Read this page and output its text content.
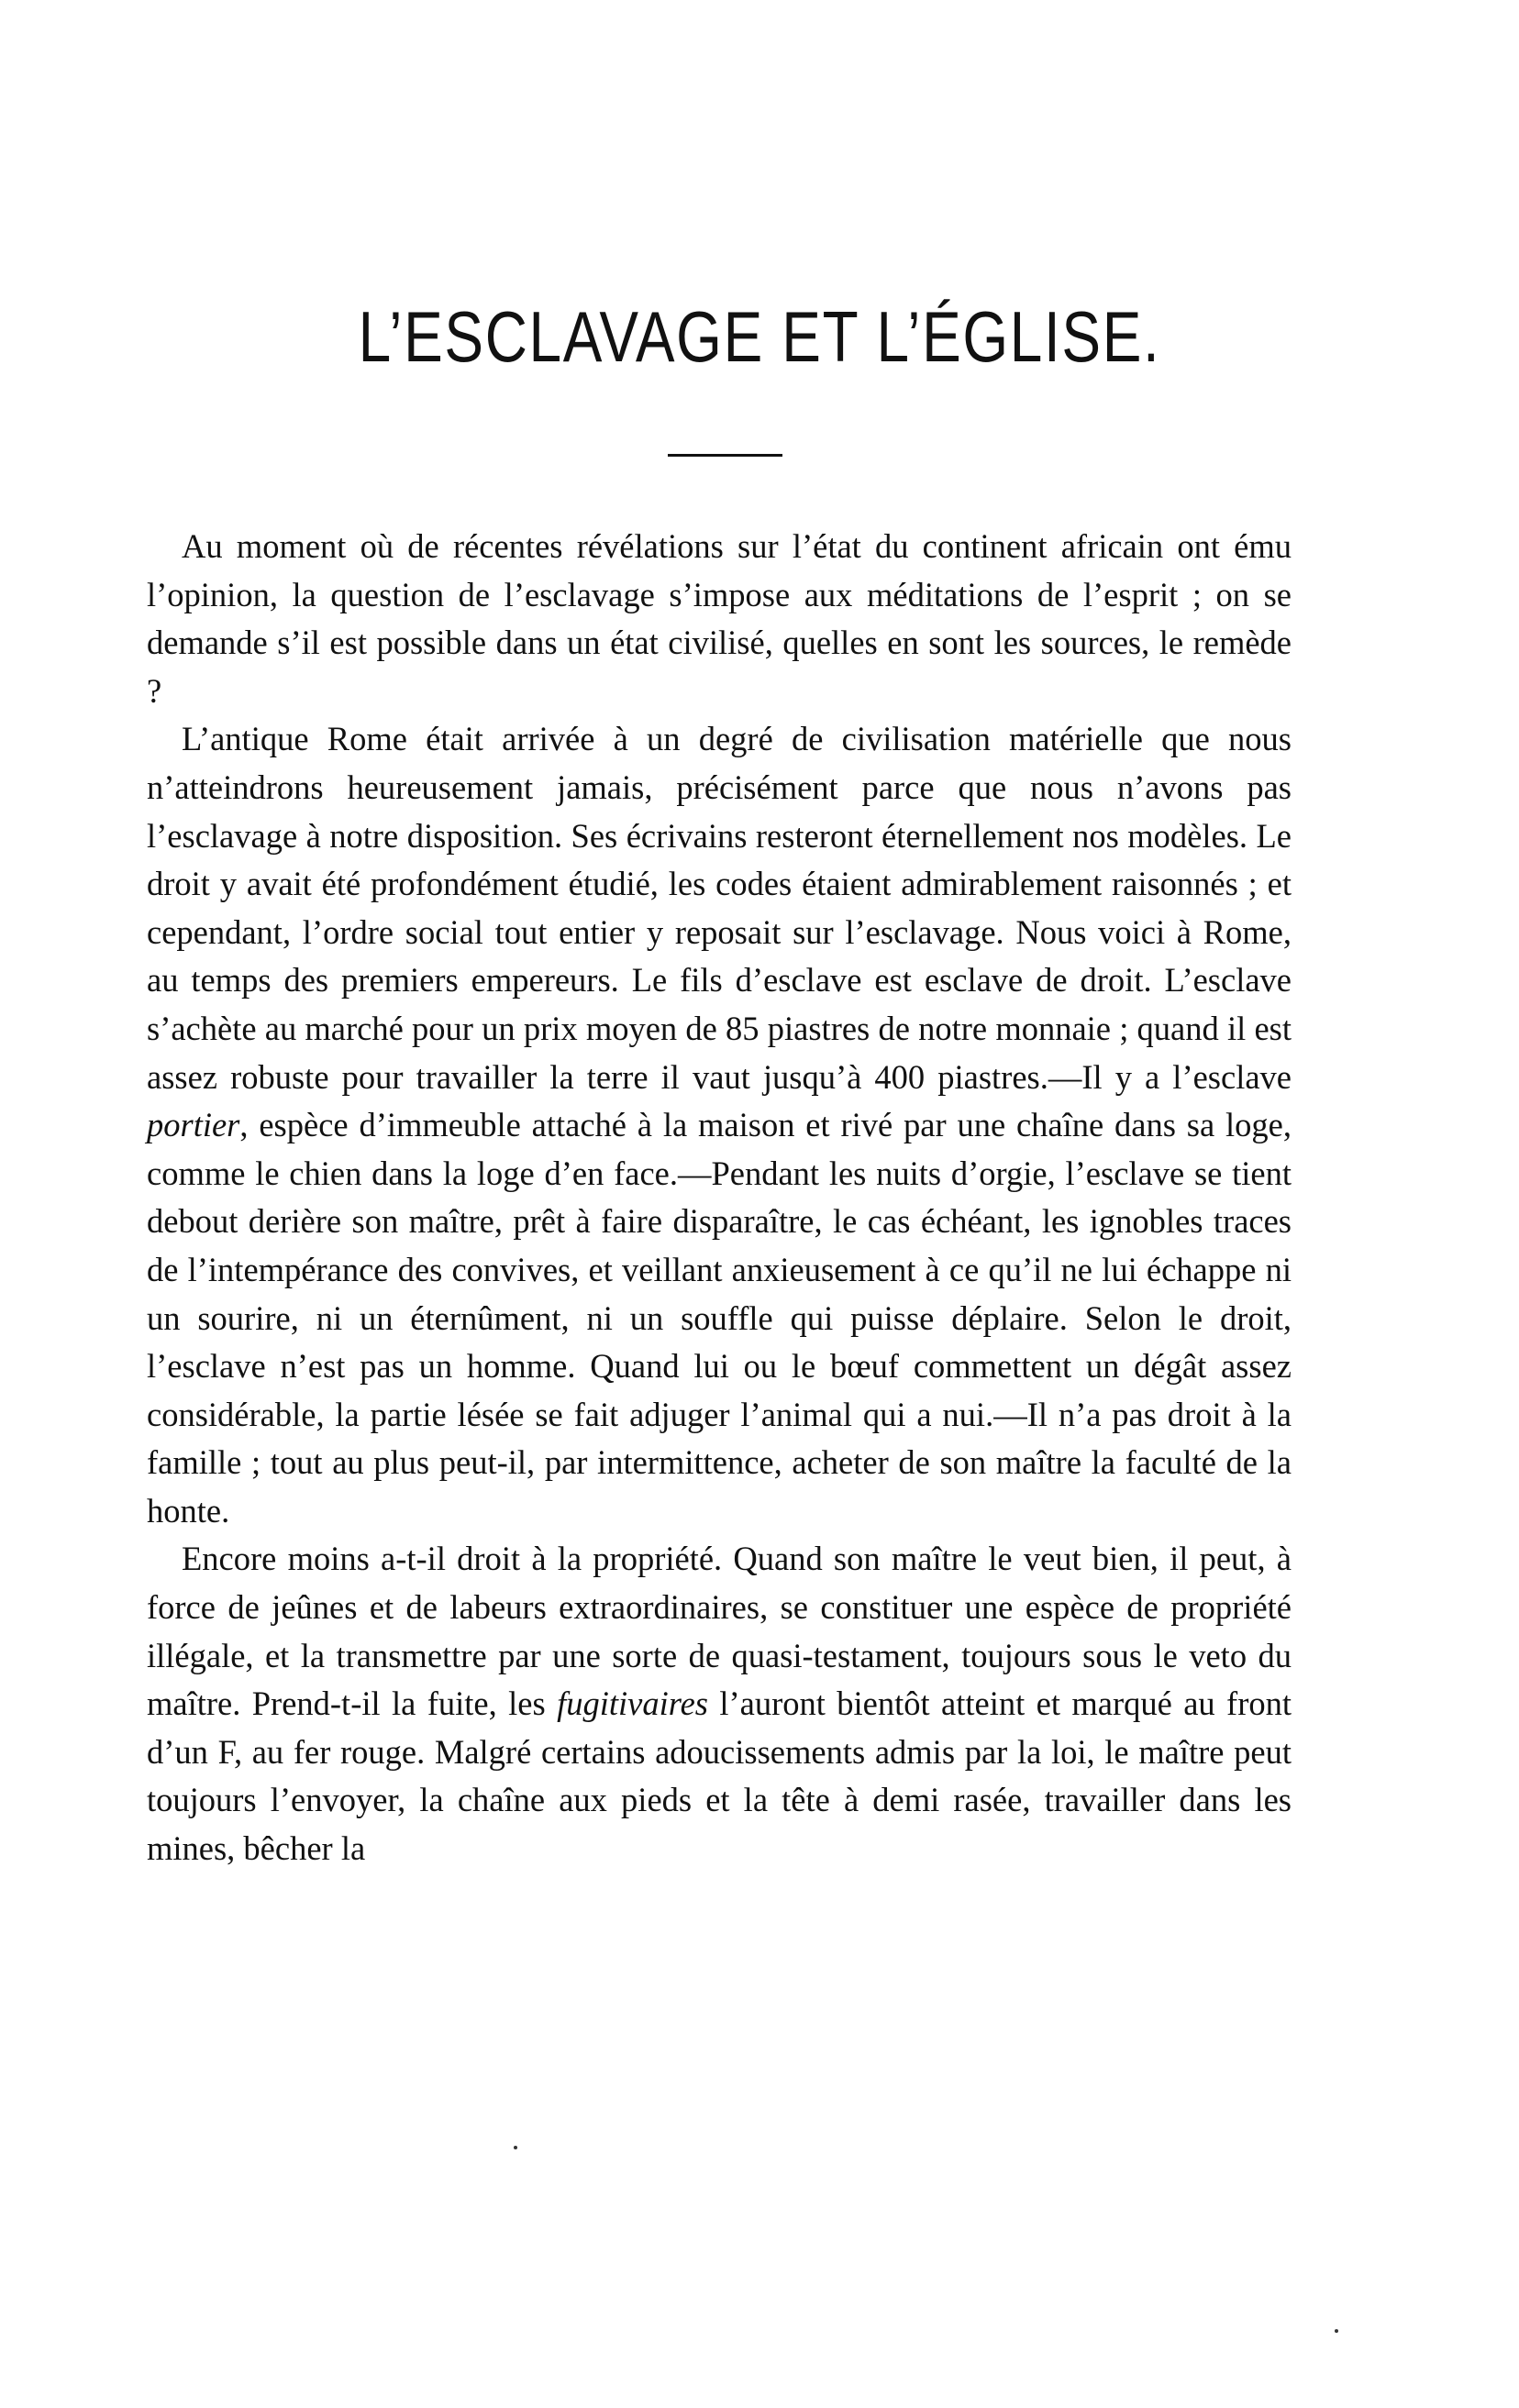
L’ESCLAVAGE ET L’ÉGLISE.

Au moment où de récentes révélations sur l’état du continent africain ont ému l’opinion, la question de l’esclavage s’impose aux méditations de l’esprit ; on se demande s’il est possible dans un état civilisé, quelles en sont les sources, le remède ?

L’antique Rome était arrivée à un degré de civilisation matérielle que nous n’atteindrons heureusement jamais, précisément parce que nous n’avons pas l’esclavage à notre disposition. Ses écrivains resteront éternellement nos modèles. Le droit y avait été profondément étudié, les codes étaient admirablement raisonnés ; et cependant, l’ordre social tout entier y reposait sur l’esclavage. Nous voici à Rome, au temps des premiers empereurs. Le fils d’esclave est esclave de droit. L’esclave s’achète au marché pour un prix moyen de 85 piastres de notre monnaie ; quand il est assez robuste pour travailler la terre il vaut jusqu’à 400 piastres.—Il y a l’esclave portier, espèce d’immeuble attaché à la maison et rivé par une chaîne dans sa loge, comme le chien dans la loge d’en face.—Pendant les nuits d’orgie, l’esclave se tient debout derière son maître, prêt à faire disparaître, le cas échéant, les ignobles traces de l’intempérance des convives, et veillant anxieusement à ce qu’il ne lui échappe ni un sourire, ni un éternûment, ni un souffle qui puisse déplaire. Selon le droit, l’esclave n’est pas un homme. Quand lui ou le bœuf commettent un dégât assez considérable, la partie lésée se fait adjuger l’animal qui a nui.—Il n’a pas droit à la famille ; tout au plus peut-il, par intermittence, acheter de son maître la faculté de la honte.

Encore moins a-t-il droit à la propriété. Quand son maître le veut bien, il peut, à force de jeûnes et de labeurs extraordinaires, se constituer une espèce de propriété illégale, et la transmettre par une sorte de quasi-testament, toujours sous le veto du maître. Prend-t-il la fuite, les fugitivaires l’auront bientôt atteint et marqué au front d’un F, au fer rouge. Malgré certains adoucissements admis par la loi, le maître peut toujours l’envoyer, la chaîne aux pieds et la tête à demi rasée, travailler dans les mines, bêcher la
